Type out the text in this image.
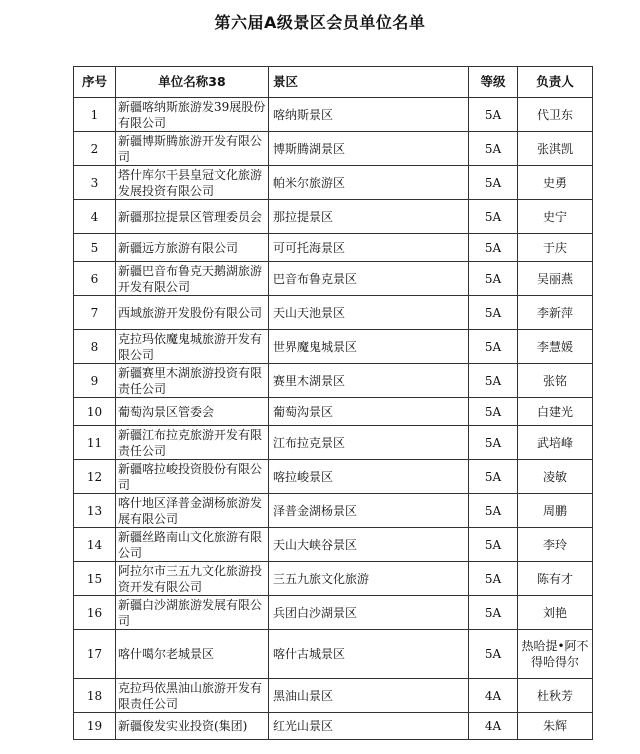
第六届A级景区会员单位名单
序号	单位名称38	景区	等级	负责人
1	新疆喀纳斯旅游发39展股份有限公司	喀纳斯景区	5A	代卫东
2	新疆博斯腾旅游开发有限公司	博斯腾湖景区	5A	张淇凯
3	塔什库尔干县皇冠文化旅游发展投资有限公司	帕米尔旅游区	5A	史勇
4	新疆那拉提景区管理委员会	那拉提景区	5A	史宁
5	新疆远方旅游有限公司	可可托海景区	5A	于庆
6	新疆巴音布鲁克天鹅湖旅游开发有限公司	巴音布鲁克景区	5A	吴丽燕
7	西域旅游开发股份有限公司	天山天池景区	5A	李新萍
8	克拉玛依魔鬼城旅游开发有限公司	世界魔鬼城景区	5A	李慧媛
9	新疆赛里木湖旅游投资有限责任公司	赛里木湖景区	5A	张铭
10	葡萄沟景区管委会	葡萄沟景区	5A	白建光
11	新疆江布拉克旅游开发有限责任公司	江布拉克景区	5A	武培峰
12	新疆喀拉峻投资股份有限公司	喀拉峻景区	5A	凌敏
13	喀什地区泽普金湖杨旅游发展有限公司	泽普金湖杨景区	5A	周鹏
14	新疆丝路南山文化旅游有限公司	天山大峡谷景区	5A	李玲
15	阿拉尔市三五九文化旅游投资开发有限公司	三五九旅文化旅游	5A	陈有才
16	新疆白沙湖旅游发展有限公司	兵团白沙湖景区	5A	刘艳
17	喀什噶尔老城景区	喀什古城景区	5A	热哈提•阿不得哈得尔
18	克拉玛依黑油山旅游开发有限责任公司	黑油山景区	4A	杜秋芳
19	新疆俊发实业投资(集团)	红光山景区	4A	朱辉
